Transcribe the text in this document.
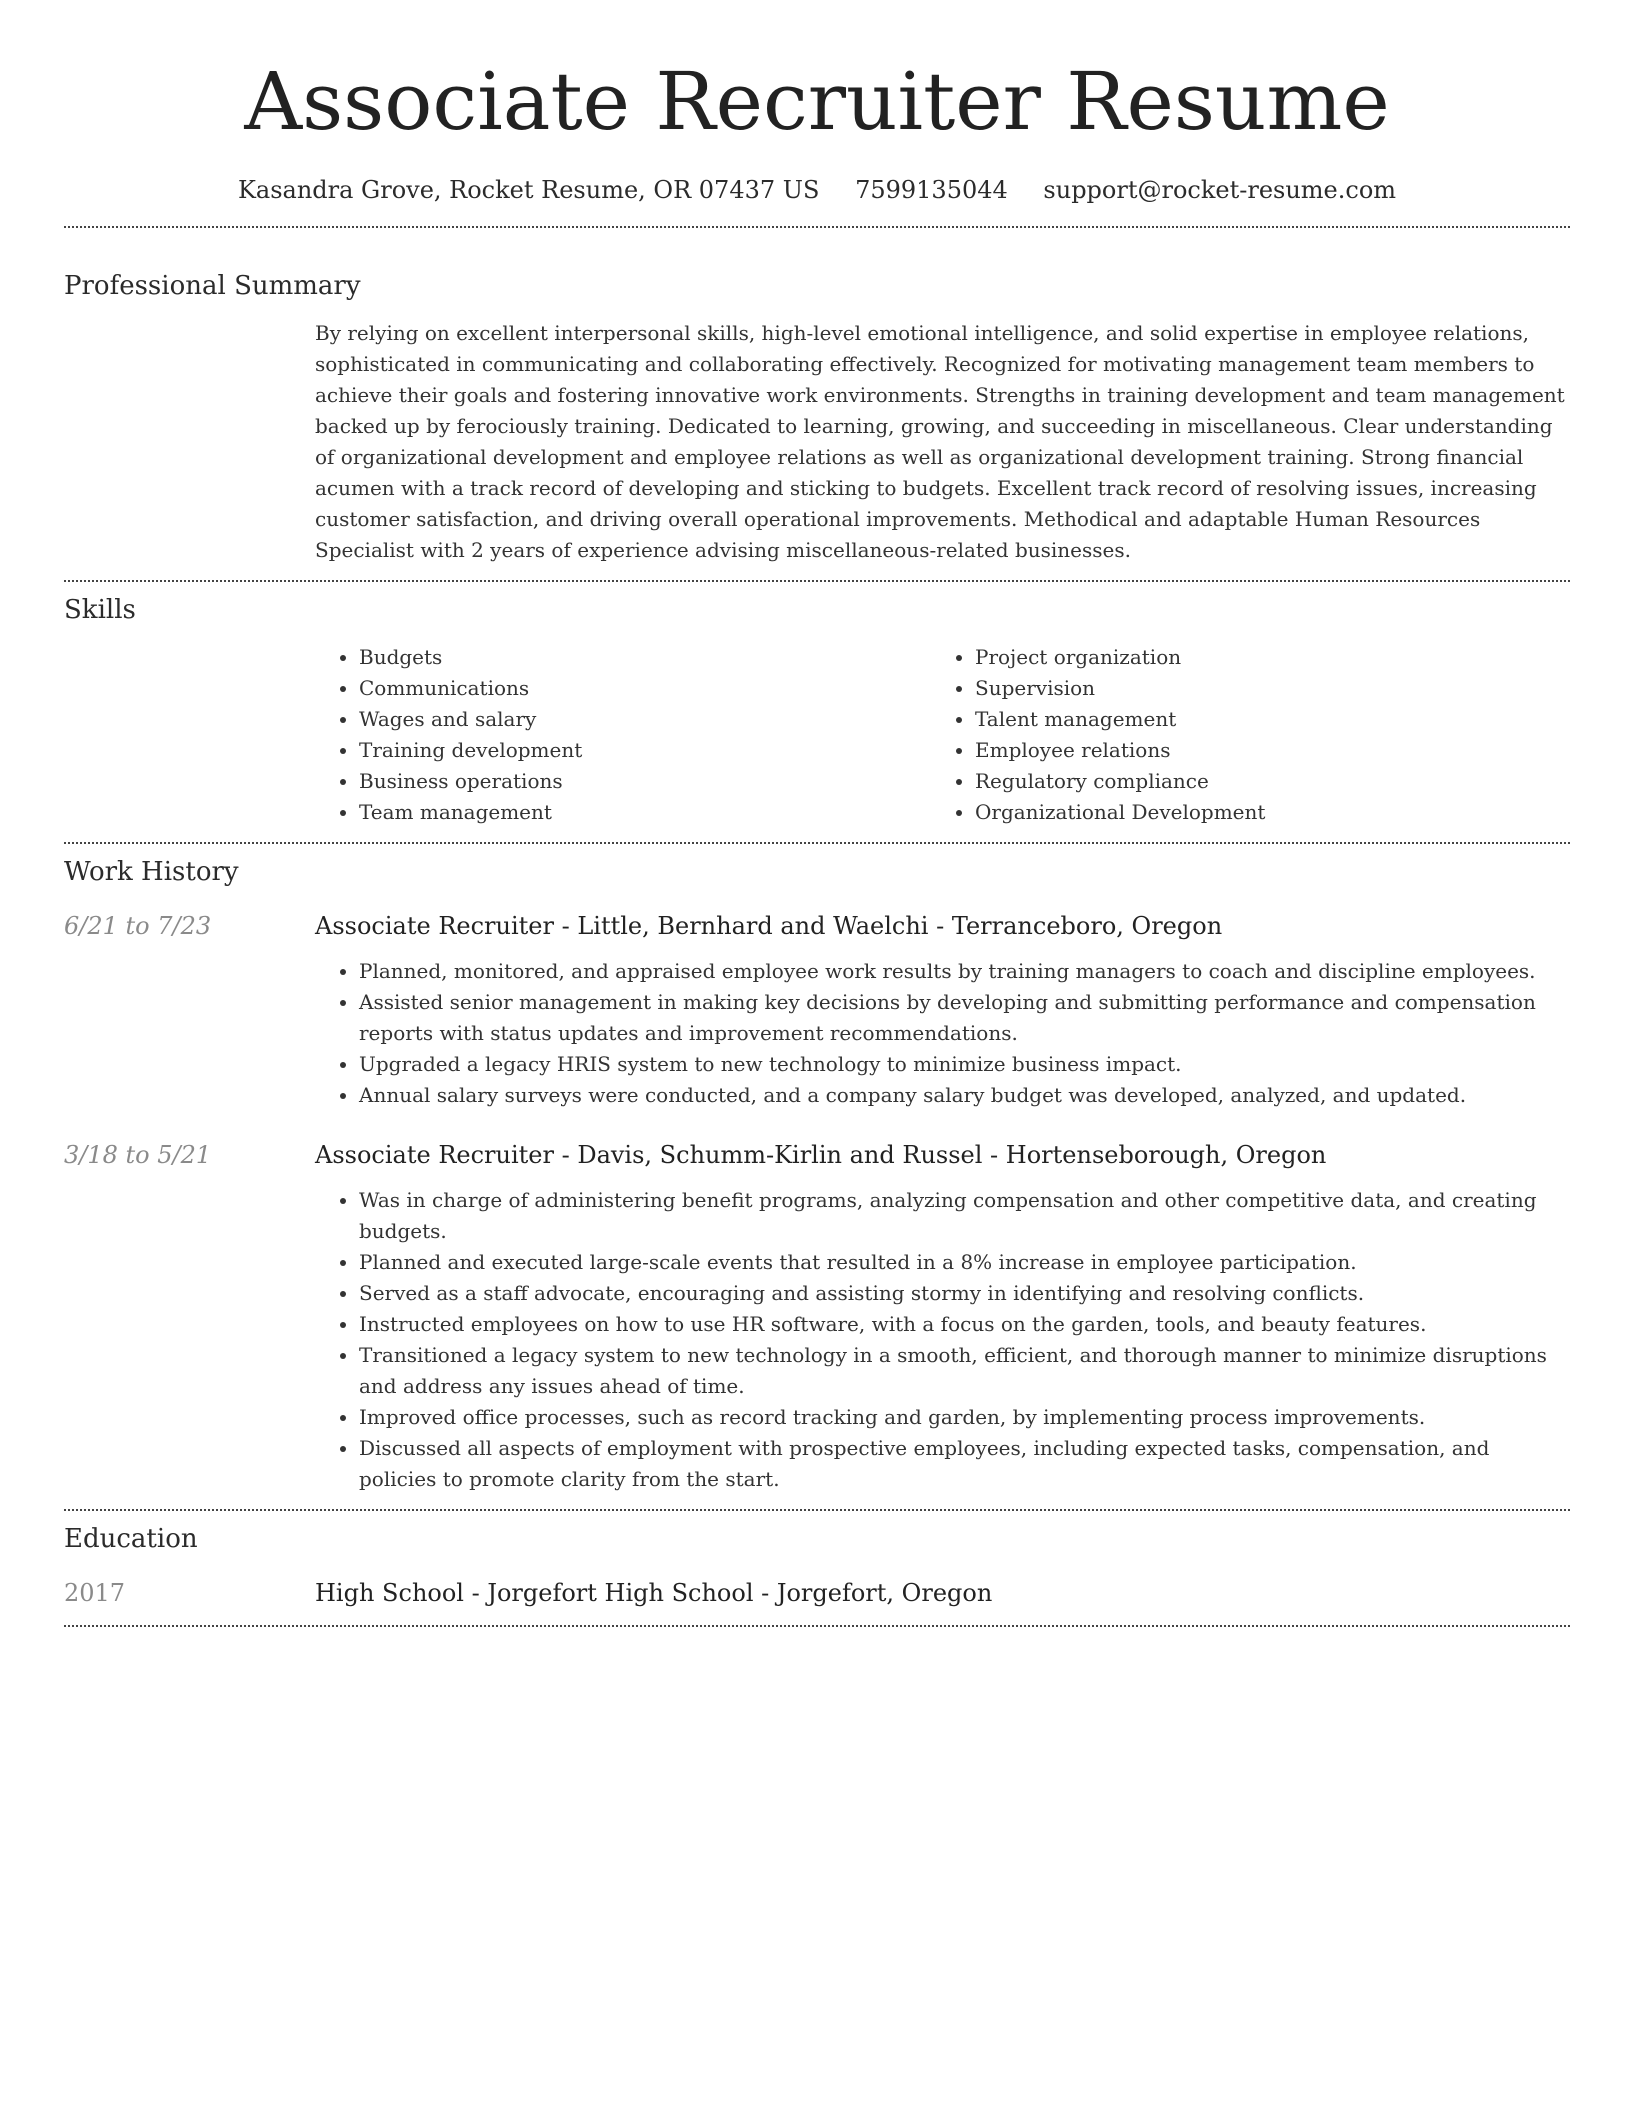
Associate Recruiter Resume
Kasandra Grove, Rocket Resume, OR 07437 US 7599135044 support@rocket-resume.com
Professional Summary
By relying on excellent interpersonal skills, high-level emotional intelligence, and solid expertise in employee relations, sophisticated in communicating and collaborating effectively. Recognized for motivating management team members to achieve their goals and fostering innovative work environments. Strengths in training development and team management backed up by ferociously training. Dedicated to learning, growing, and succeeding in miscellaneous. Clear understanding of organizational development and employee relations as well as organizational development training. Strong financial acumen with a track record of developing and sticking to budgets. Excellent track record of resolving issues, increasing customer satisfaction, and driving overall operational improvements. Methodical and adaptable Human Resources Specialist with 2 years of experience advising miscellaneous-related businesses.
Skills
• Budgets
• Communications
• Wages and salary
• Training development
• Business operations
• Team management
• Project organization
• Supervision
• Talent management
• Employee relations
• Regulatory compliance
• Organizational Development
Work History
6/21 to 7/23	Associate Recruiter - Little, Bernhard and Waelchi - Terranceboro, Oregon
• Planned, monitored, and appraised employee work results by training managers to coach and discipline employees.
• Assisted senior management in making key decisions by developing and submitting performance and compensation reports with status updates and improvement recommendations.
• Upgraded a legacy HRIS system to new technology to minimize business impact.
• Annual salary surveys were conducted, and a company salary budget was developed, analyzed, and updated.
3/18 to 5/21	Associate Recruiter - Davis, Schumm-Kirlin and Russel - Hortenseborough, Oregon
• Was in charge of administering benefit programs, analyzing compensation and other competitive data, and creating budgets.
• Planned and executed large-scale events that resulted in a 8% increase in employee participation.
• Served as a staff advocate, encouraging and assisting stormy in identifying and resolving conflicts.
• Instructed employees on how to use HR software, with a focus on the garden, tools, and beauty features.
• Transitioned a legacy system to new technology in a smooth, efficient, and thorough manner to minimize disruptions and address any issues ahead of time.
• Improved office processes, such as record tracking and garden, by implementing process improvements.
• Discussed all aspects of employment with prospective employees, including expected tasks, compensation, and policies to promote clarity from the start.
Education
2017	High School - Jorgefort High School - Jorgefort, Oregon
